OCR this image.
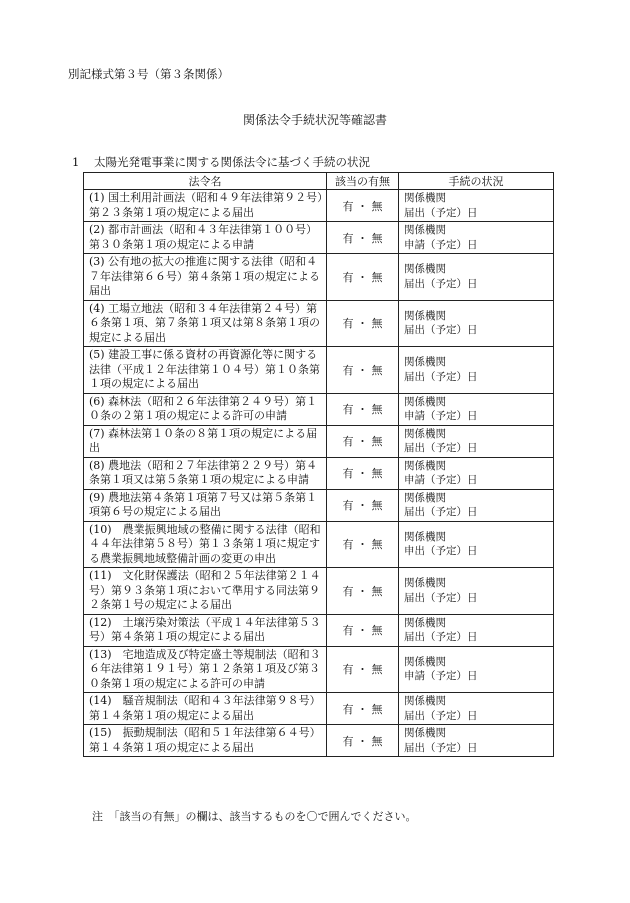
別記様式第３号（第３条関係）
関係法令手続状況等確認書
1 太陽光発電事業に関する関係法令に基づく手続の状況
法令名	該当の有無	手続の状況
(1) 国土利用計画法（昭和４９年法律第９２号）第２３条第１項の規定による届出	有 ・ 無	関係機関
届出（予定）日

(2) 都市計画法（昭和４３年法律第１００号）第３０条第１項の規定による申請	有 ・ 無	関係機関
申請（予定）日

(3) 公有地の拡大の推進に関する法律（昭和４７年法律第６６号）第４条第１項の規定による届出	有 ・ 無	関係機関
届出（予定）日

(4) 工場立地法（昭和３４年法律第２４号）第６条第１項、第７条第１項又は第８条第１項の規定による届出	有 ・ 無	関係機関
届出（予定）日

(5) 建設工事に係る資材の再資源化等に関する法律（平成１２年法律第１０４号）第１０条第１項の規定による届出	有 ・ 無	関係機関
届出（予定）日

(6) 森林法（昭和２６年法律第２４９号）第１０条の２第１項の規定による許可の申請	有 ・ 無	関係機関
申請（予定）日

(7) 森林法第１０条の８第１項の規定による届出	有 ・ 無	関係機関
届出（予定）日

(8) 農地法（昭和２７年法律第２２９号）第４条第１項又は第５条第１項の規定による申請	有 ・ 無	関係機関
申請（予定）日

(9) 農地法第４条第１項第７号又は第５条第１項第６号の規定による届出	有 ・ 無	関係機関
届出（予定）日

(10)　農業振興地域の整備に関する法律（昭和４４年法律第５８号）第１３条第１項に規定する農業振興地域整備計画の変更の申出	有 ・ 無	関係機関
申出（予定）日

(11)　文化財保護法（昭和２５年法律第２１４号）第９３条第１項において準用する同法第９２条第１号の規定による届出	有 ・ 無	関係機関
届出（予定）日

(12)　土壌汚染対策法（平成１４年法律第５３号）第４条第１項の規定による届出	有 ・ 無	関係機関
届出（予定）日

(13)　宅地造成及び特定盛土等規制法（昭和３６年法律第１９１号）第１２条第１項及び第３０条第１項の規定による許可の申請	有 ・ 無	関係機関
申請（予定）日

(14)　騒音規制法（昭和４３年法律第９８号）第１４条第１項の規定による届出	有 ・ 無	関係機関
届出（予定）日

(15)　振動規制法（昭和５１年法律第６４号）第１４条第１項の規定による届出	有 ・ 無	関係機関
届出（予定）日
注　「該当の有無」の欄は、該当するものを〇で囲んでください。
